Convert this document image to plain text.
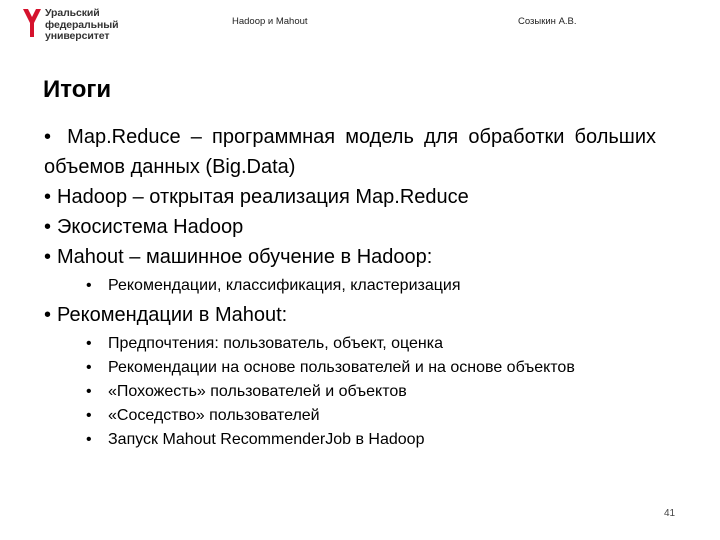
Уральский
федеральный
университет
Hadoop и Mahout	Созыкин А.В.
Итоги

• Map.Reduce – программная модель для обработки больших объемов данных (Big.Data)

• Hadoop – открытая реализация Map.Reduce

• Экосистема Hadoop

• Mahout – машинное обучение в Hadoop:

• Рекомендации, классификация, кластеризация

• Рекомендации в Mahout:

• Предпочтения: пользователь, объект, оценка

• Рекомендации на основе пользователей и на основе объектов

• «Похожесть» пользователей и объектов

• «Соседство» пользователей

• Запуск Mahout RecommenderJob в Hadoop

41
